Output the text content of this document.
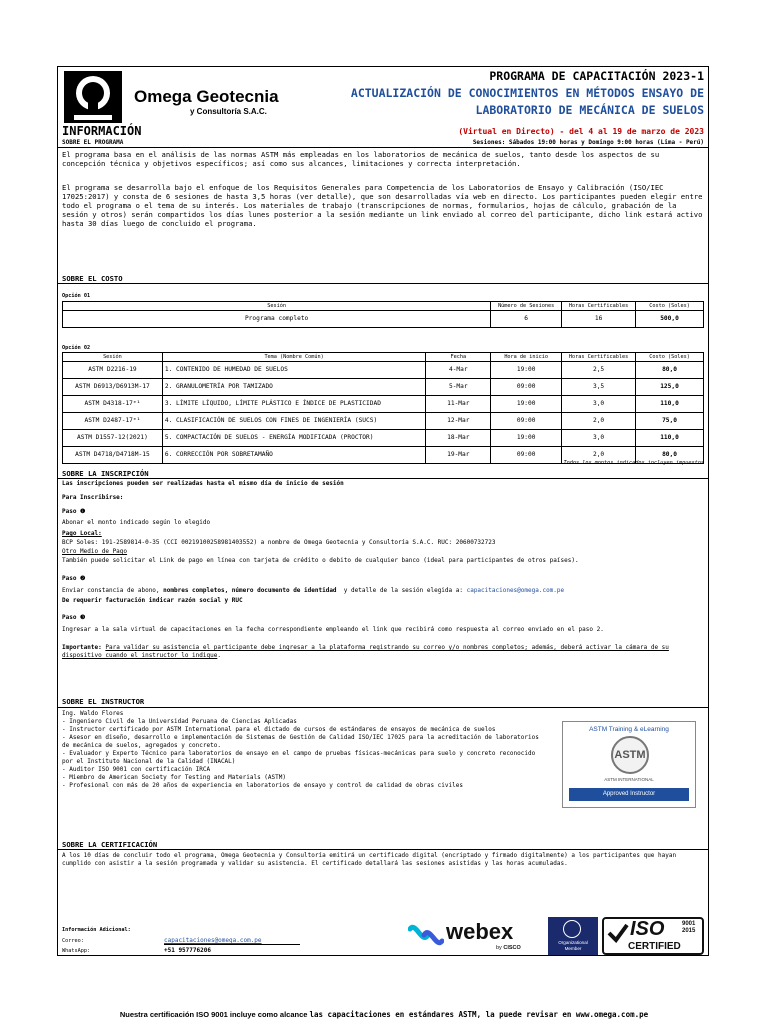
Omega Geotecnia
y Consultoría S.A.C.
PROGRAMA DE CAPACITACIÓN 2023-1
ACTUALIZACIÓN DE CONOCIMIENTOS EN MÉTODOS ENSAYO DE
LABORATORIO DE MECÁNICA DE SUELOS
INFORMACIÓN	(Virtual en Directo) - del 4 al 19 de marzo de 2023
Sesiones: Sábados 19:00 horas y Domingo 9:00 horas (Lima - Perú)
SOBRE EL PROGRAMA
El programa basa en el análisis de las normas ASTM más empleadas en los laboratorios de mecánica de suelos, tanto desde los aspectos de su concepción técnica y objetivos específicos; así como sus alcances, limitaciones y correcta interpretación.
El programa se desarrolla bajo el enfoque de los Requisitos Generales para Competencia de los Laboratorios de Ensayo y Calibración (ISO/IEC 17025:2017) y consta de 6 sesiones de hasta 3,5 horas (ver detalle), que son desarrolladas vía web en directo. Los participantes pueden elegir entre todo el programa o el tema de su interés. Los materiales de trabajo (transcripciones de normas, formularios, hojas de cálculo, grabación de la sesión y otros) serán compartidos los días lunes posterior a la sesión mediante un link enviado al correo del participante, dicho link estará activo hasta 30 días luego de concluido el programa.
SOBRE EL COSTO
Opción 01
Sesión	Número de Sesiones	Horas Certificables	Costo (Soles)
Programa completo	6	16	500,0
Opción 02
Sesión	Tema (Nombre Común)	Fecha	Hora de inicio	Horas Certificables	Costo (Soles)
ASTM D2216-19	1. CONTENIDO DE HUMEDAD DE SUELOS	4-Mar	19:00	2,5	80,0
ASTM D6913/D6913M-17	2. GRANULOMETRÍA POR TAMIZADO	5-Mar	09:00	3,5	125,0
ASTM D4318-17ᵉ¹	3. LÍMITE LÍQUIDO, LÍMITE PLÁSTICO E ÍNDICE DE PLASTICIDAD	11-Mar	19:00	3,0	110,0
ASTM D2487-17ᵉ¹	4. CLASIFICACIÓN DE SUELOS CON FINES DE INGENIERÍA (SUCS)	12-Mar	09:00	2,0	75,0
ASTM D1557-12(2021)	5. COMPACTACIÓN DE SUELOS - ENERGÍA MODIFICADA (PROCTOR)	18-Mar	19:00	3,0	110,0
ASTM D4718/D4718M-15	6. CORRECCIÓN POR SOBRETAMAÑO	19-Mar	09:00	2,0	80,0
Todos los montos indicados incluyen impuestos
SOBRE LA INSCRIPCIÓN
Las inscripciones pueden ser realizadas hasta el mismo día de inicio de sesión
Para Inscribirse:
Paso ❶
Abonar el monto indicado según lo elegido
Pago Local:
BCP Soles: 191-2589814-0-35 (CCI 00219100258981403552) a nombre de Omega Geotecnia y Consultoría S.A.C. RUC: 20600732723
Otro Medio de Pago
También puede solicitar el Link de pago en línea con tarjeta de crédito o debito de cualquier banco (ideal para participantes de otros países).
Paso ❷
Enviar constancia de abono, nombres completos, número documento de identidad  y detalle de la sesión elegida a: capacitaciones@omega.com.pe
De requerir facturación indicar razón social y RUC
Paso ❸
Ingresar a la sala virtual de capacitaciones en la fecha correspondiente empleando el link que recibirá como respuesta al correo enviado en el paso 2.
Importante: Para validar su asistencia el participante debe ingresar a la plataforma registrando su correo y/o nombres completos; además, deberá activar la cámara de su dispositivo cuando el instructor lo indique.
SOBRE EL INSTRUCTOR
Ing. Waldo Flores
- Ingeniero Civil de la Universidad Peruana de Ciencias Aplicadas
- Instructor certificado por ASTM International para el dictado de cursos de estándares de ensayos de mecánica de suelos
- Asesor en diseño, desarrollo e implementación de Sistemas de Gestión de Calidad ISO/IEC 17025 para la acreditación de laboratorios de mecánica de suelos, agregados y concreto.
- Evaluador y Experto Técnico para laboratorios de ensayo en el campo de pruebas físicas-mecánicas para suelo y concreto reconocido por el Instituto Nacional de la Calidad (INACAL)
- Auditor ISO 9001 con certificación IRCA
- Miembro de American Society for Testing and Materials (ASTM)
- Profesional con más de 20 años de experiencia en laboratorios de ensayo y control de calidad de obras civiles
ASTM Training & eLearning
ASTM
ASTM INTERNATIONAL
Approved Instructor
SOBRE LA CERTIFICACIÓN
A los 10 días de concluir todo el programa, Omega Geotecnia y Consultoría emitirá un certificado digital (encriptado y firmado digitalmente) a los participantes que hayan cumplido con asistir a la sesión programada y validar su asistencia. El certificado detallará las sesiones asistidas y las horas acumuladas.
Información Adicional:
Correo:	capacitaciones@omega.com.pe
WhatsApp:	+51 957776206
webex
by CISCO
Organizational
Member
ISO	9001
2015
CERTIFIED
Nuestra certificación ISO 9001 incluye como alcance las capacitaciones en estándares ASTM, la puede revisar en www.omega.com.pe
